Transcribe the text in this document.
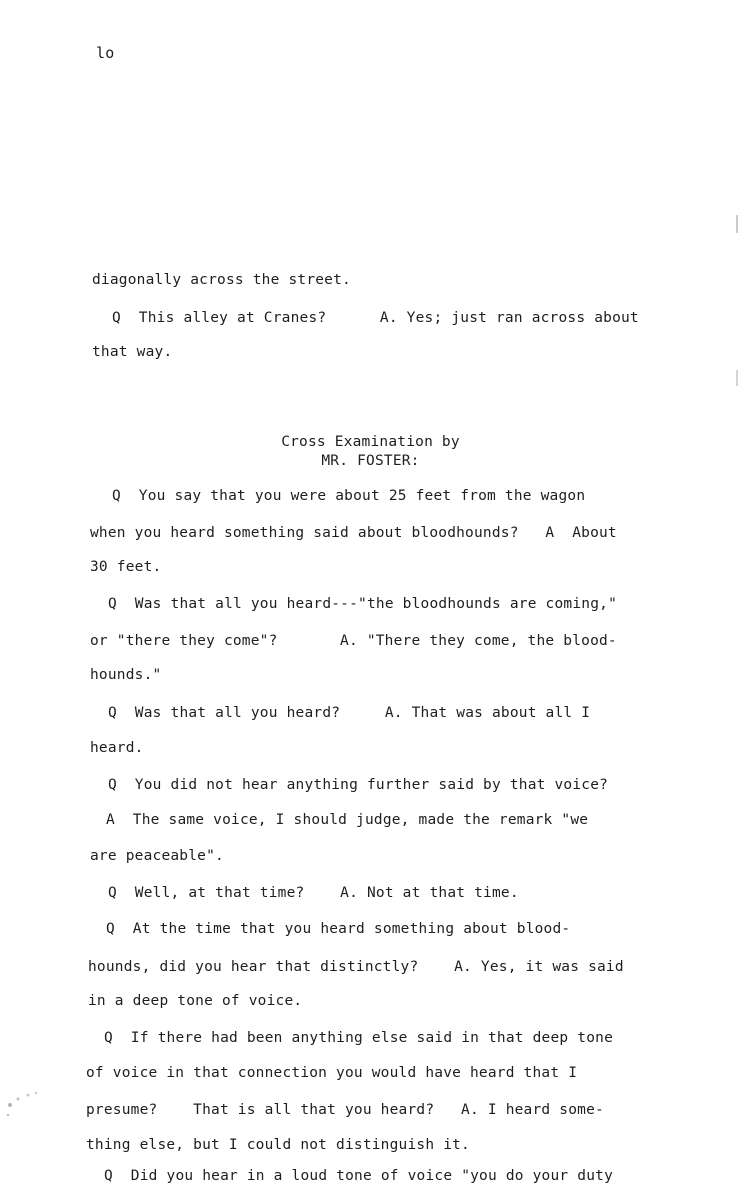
lo
diagonally across the street.
Q  This alley at Cranes?      A. Yes; just ran across about
that way.
Cross Examination by
MR. FOSTER:
Q  You say that you were about 25 feet from the wagon
when you heard something said about bloodhounds?   A  About
30 feet.
Q  Was that all you heard---"the bloodhounds are coming,"
or "there they come"?       A. "There they come, the blood-
hounds."
Q  Was that all you heard?     A. That was about all I
heard.
Q  You did not hear anything further said by that voice?
A  The same voice, I should judge, made the remark "we
are peaceable".
Q  Well, at that time?    A. Not at that time.
Q  At the time that you heard something about blood-
hounds, did you hear that distinctly?    A. Yes, it was said
in a deep tone of voice.
Q  If there had been anything else said in that deep tone
of voice in that connection you would have heard that I
presume?    That is all that you heard?   A. I heard some-
thing else, but I could not distinguish it.
Q  Did you hear in a loud tone of voice "you do your duty
